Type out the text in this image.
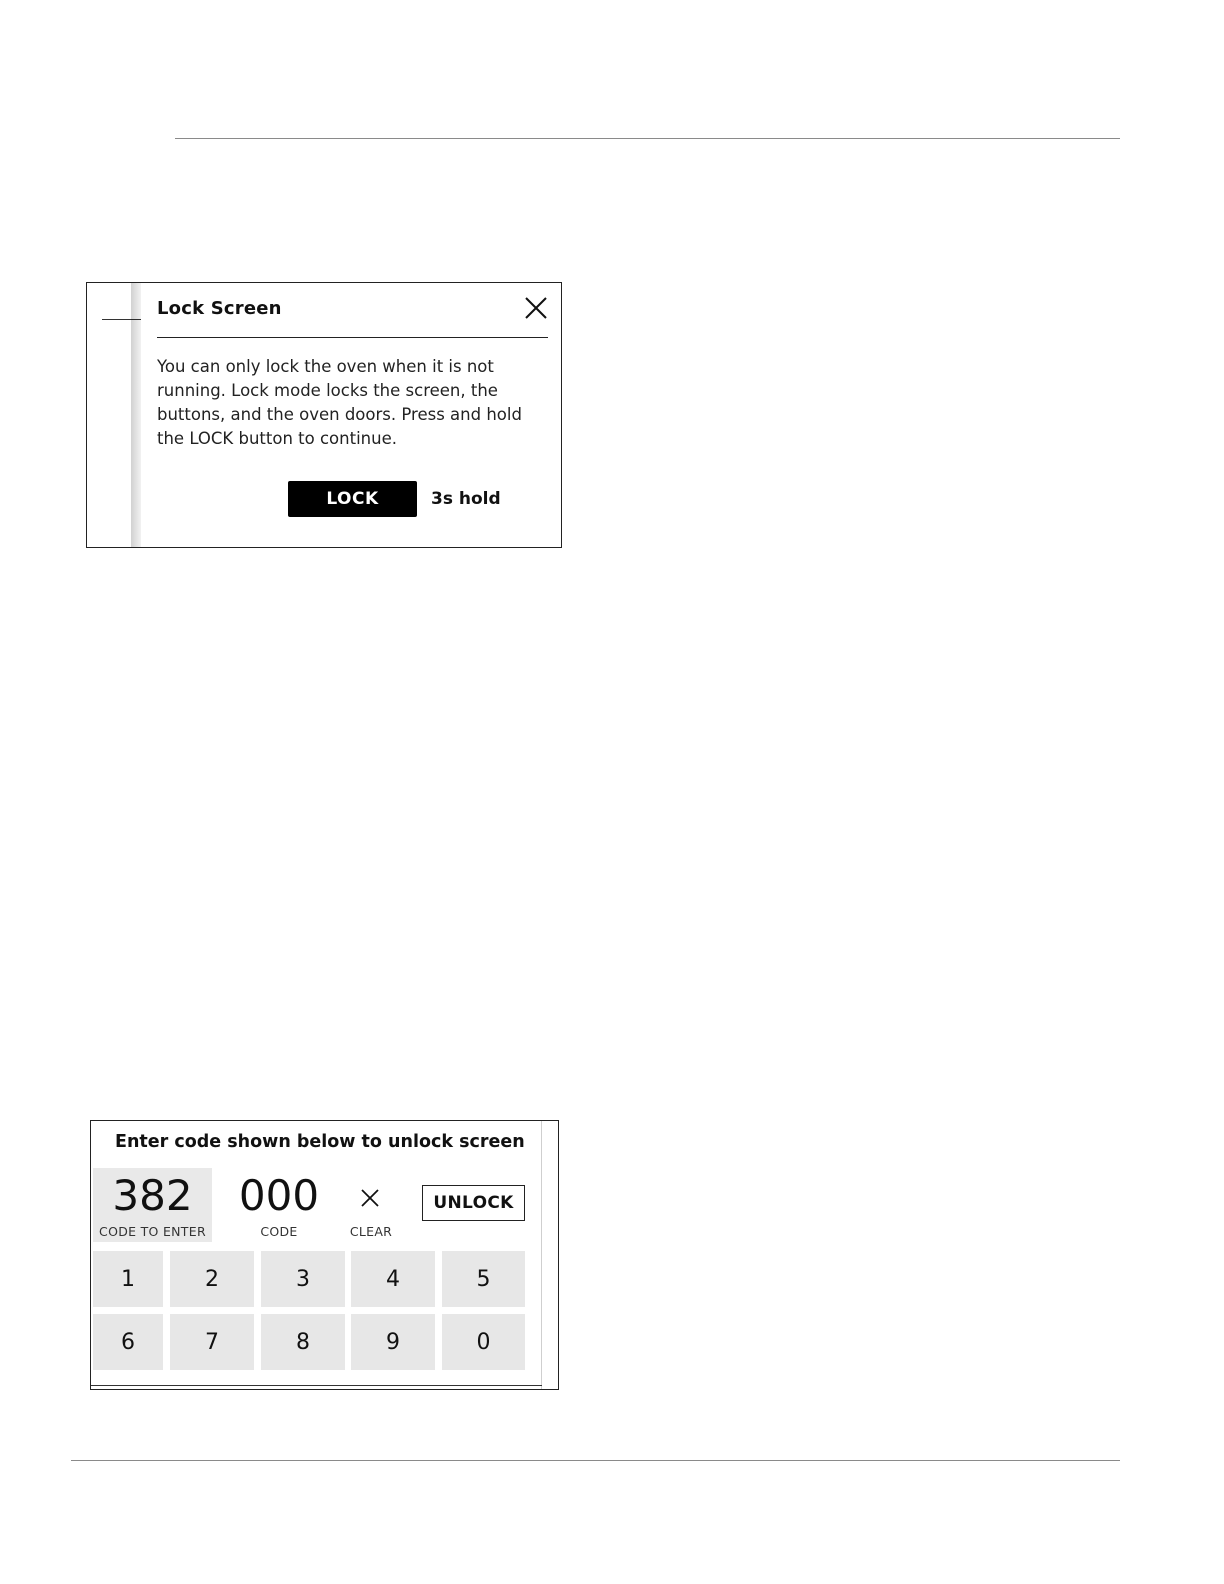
Lock Screen

You can only lock the oven when it is not running. Lock mode locks the screen, the buttons, and the oven doors. Press and hold the LOCK button to continue.

LOCK	3s hold
Enter code shown below to unlock screen
382
CODE TO ENTER
000
CODE	CLEAR
UNLOCK
1	2	3	4	5
6	7	8	9	0
